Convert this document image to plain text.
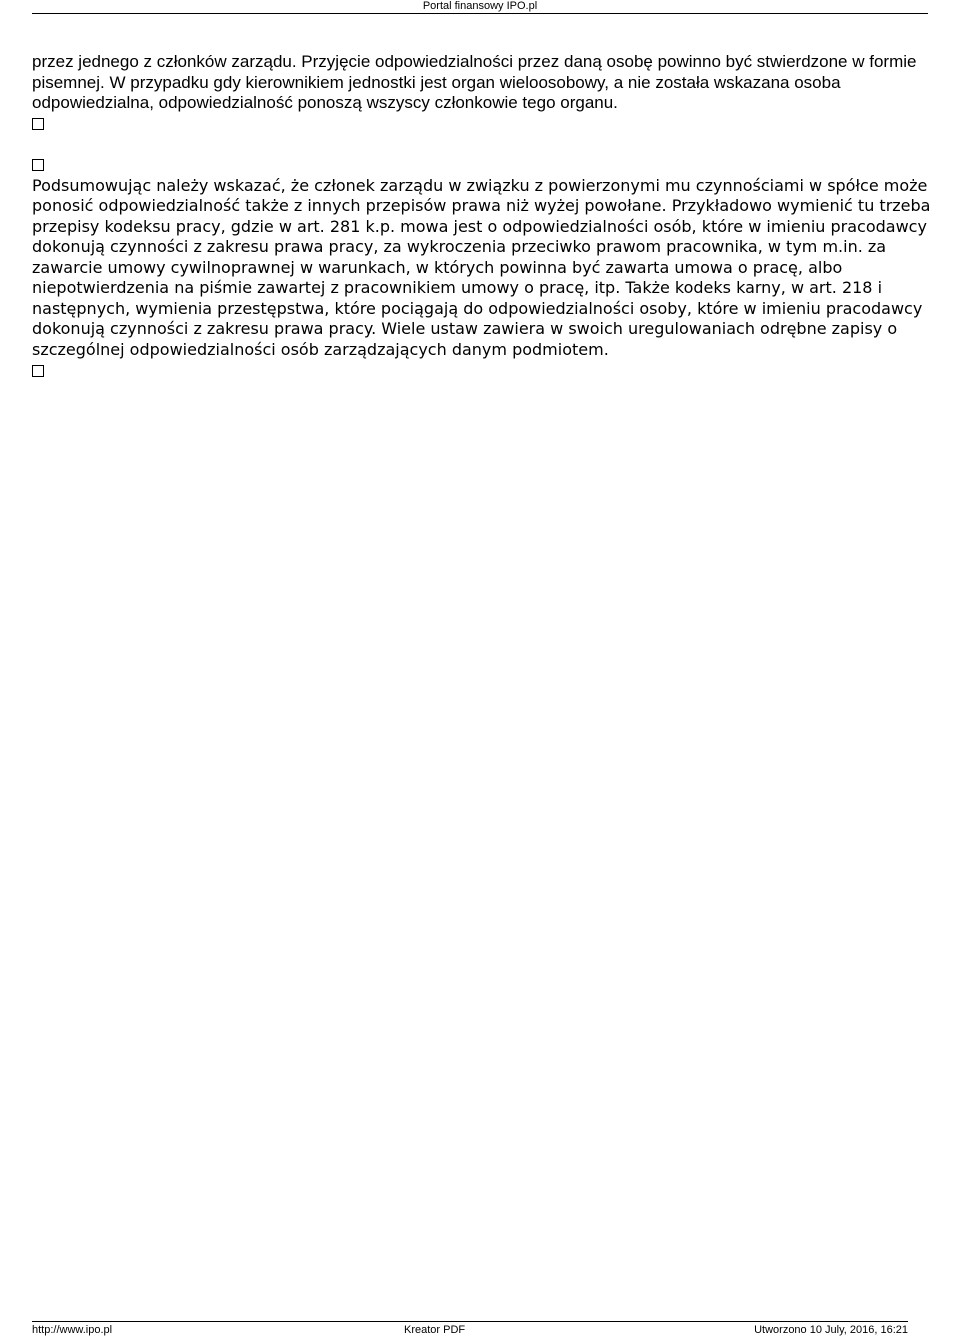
Portal finansowy IPO.pl

przez jednego z członków zarządu. Przyjęcie odpowiedzialności przez daną osobę powinno być stwierdzone w formie pisemnej. W przypadku gdy kierownikiem jednostki jest organ wieloosobowy, a nie została wskazana osoba odpowiedzialna, odpowiedzialność ponoszą wszyscy członkowie tego organu.

Podsumowując należy wskazać, że członek zarządu w związku z powierzonymi mu czynnościami w spółce może ponosić odpowiedzialność także z innych przepisów prawa niż wyżej powołane. Przykładowo wymienić tu trzeba przepisy kodeksu pracy, gdzie w art. 281 k.p. mowa jest o odpowiedzialności osób, które w imieniu pracodawcy dokonują czynności z zakresu prawa pracy, za wykroczenia przeciwko prawom pracownika, w tym m.in. za zawarcie umowy cywilnoprawnej w warunkach, w których powinna być zawarta umowa o pracę, albo niepotwierdzenia na piśmie zawartej z pracownikiem umowy o pracę, itp. Także kodeks karny, w art. 218 i następnych, wymienia przestępstwa, które pociągają do odpowiedzialności osoby, które w imieniu pracodawcy dokonują czynności z zakresu prawa pracy. Wiele ustaw zawiera w swoich uregulowaniach odrębne zapisy o szczególnej odpowiedzialności osób zarządzających danym podmiotem.

http://www.ipo.pl	Kreator PDF	Utworzono 10 July, 2016, 16:21
